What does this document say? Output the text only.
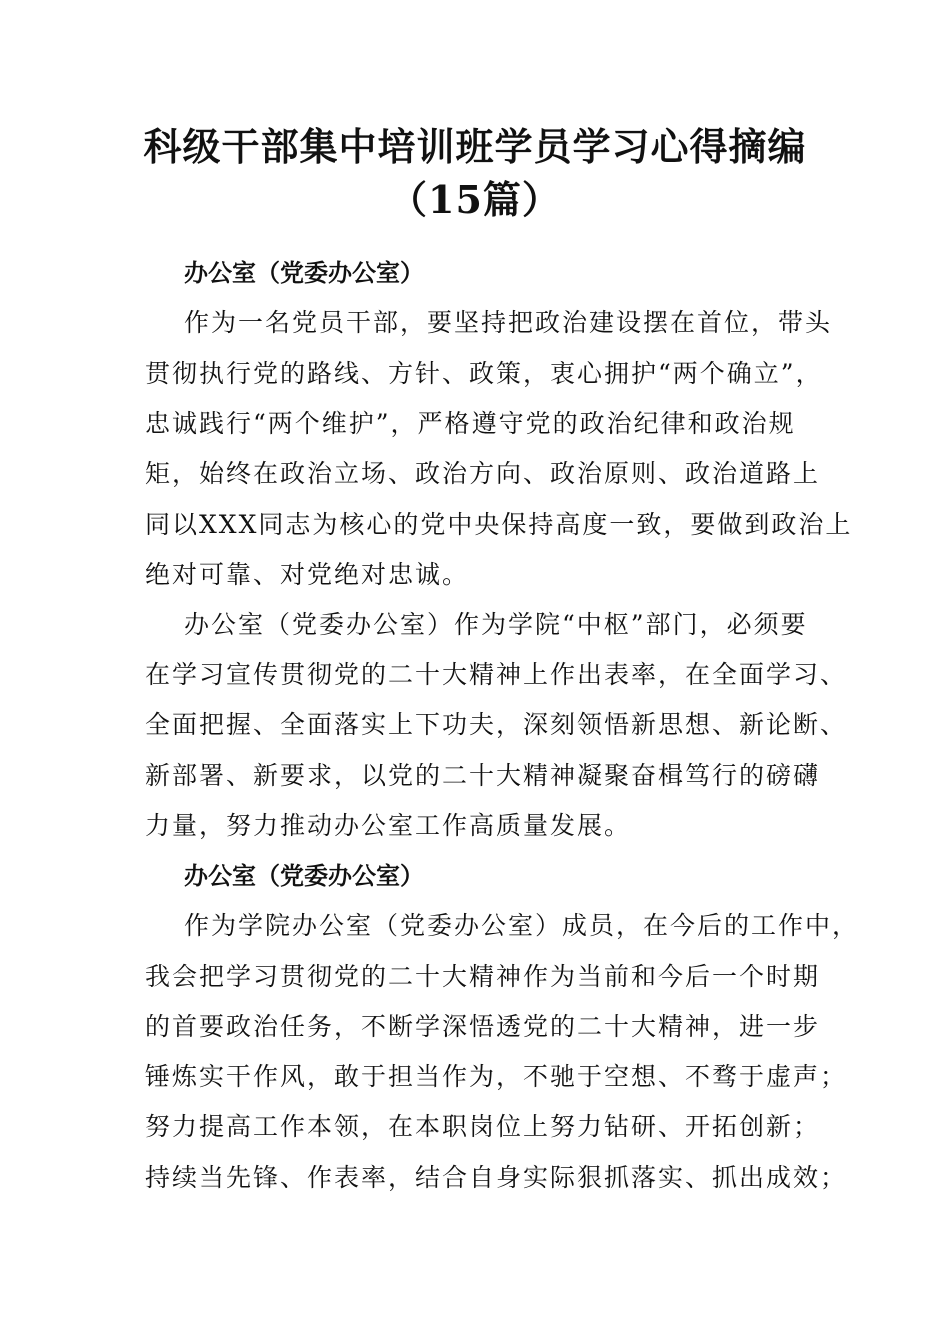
科级干部集中培训班学员学习心得摘编
（15篇）
办公室（党委办公室）
作为一名党员干部，要坚持把政治建设摆在首位，带头
贯彻执行党的路线、方针、政策，衷心拥护“两个确立”，
忠诚践行“两个维护”，严格遵守党的政治纪律和政治规
矩，始终在政治立场、政治方向、政治原则、政治道路上
同以XXX同志为核心的党中央保持高度一致，要做到政治上
绝对可靠、对党绝对忠诚。
办公室（党委办公室）作为学院“中枢”部门，必须要
在学习宣传贯彻党的二十大精神上作出表率，在全面学习、
全面把握、全面落实上下功夫，深刻领悟新思想、新论断、
新部署、新要求，以党的二十大精神凝聚奋楫笃行的磅礴
力量，努力推动办公室工作高质量发展。
办公室（党委办公室）
作为学院办公室（党委办公室）成员，在今后的工作中，
我会把学习贯彻党的二十大精神作为当前和今后一个时期
的首要政治任务，不断学深悟透党的二十大精神，进一步
锤炼实干作风，敢于担当作为，不驰于空想、不骛于虚声；
努力提高工作本领，在本职岗位上努力钻研、开拓创新；
持续当先锋、作表率，结合自身实际狠抓落实、抓出成效；
